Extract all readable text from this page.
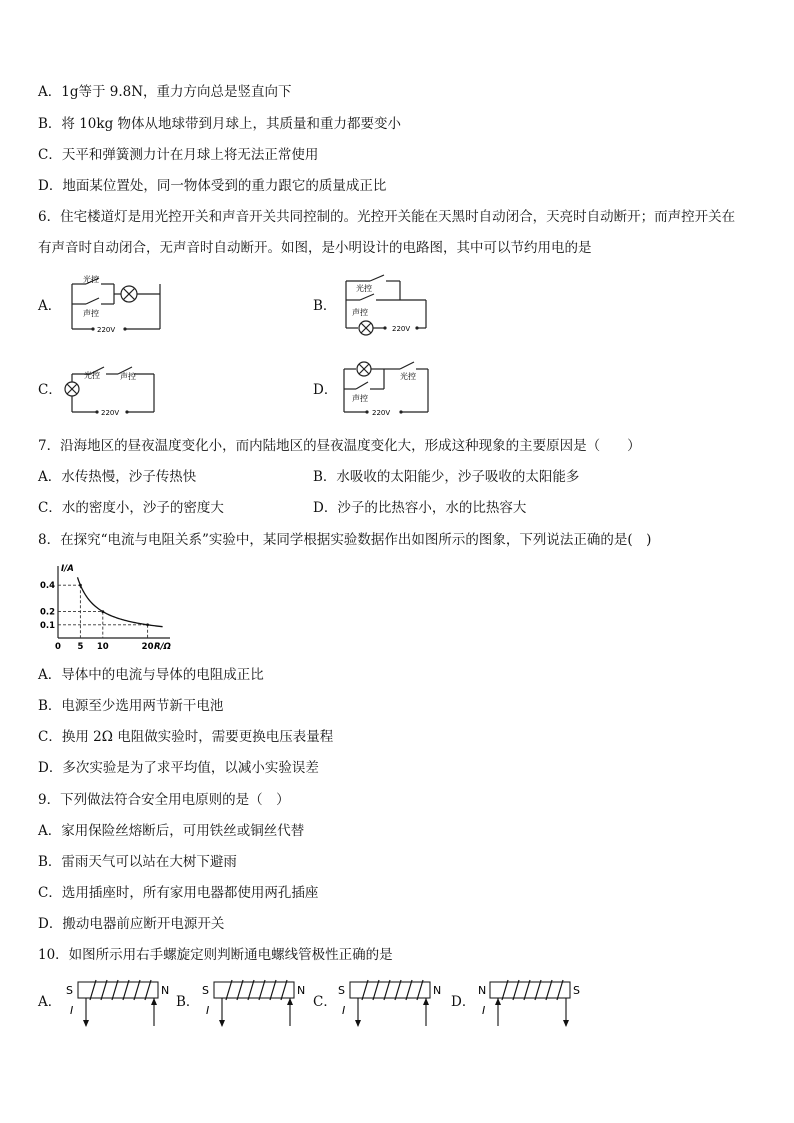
A．1g等于 9.8N，重力方向总是竖直向下
B．将 10kg 物体从地球带到月球上，其质量和重力都要变小
C．天平和弹簧测力计在月球上将无法正常使用
D．地面某位置处，同一物体受到的重力跟它的质量成正比
6．住宅楼道灯是用光控开关和声音开关共同控制的。光控开关能在天黑时自动闭合，天亮时自动断开；而声控开关在
有声音时自动闭合，无声音时自动断开。如图，是小明设计的电路图，其中可以节约用电的是
A．	B．
C．	D．
光控
声控
220V
光控
声控
220V
光控	声控
220V
光控
声控
220V
7．沿海地区的昼夜温度变化小，而内陆地区的昼夜温度变化大，形成这种现象的主要原因是（　　）
A．水传热慢，沙子传热快	B．水吸收的太阳能少，沙子吸收的太阳能多
C．水的密度小，沙子的密度大	D．沙子的比热容小，水的比热容大
8．在探究“电流与电阻关系”实验中，某同学根据实验数据作出如图所示的图象，下列说法正确的是(　)
0 5 10	20
0.1
0.2
0.4
I/A
R/Ω
A．导体中的电流与导体的电阻成正比
B．电源至少选用两节新干电池
C．换用 2Ω 电阻做实验时，需要更换电压表量程
D．多次实验是为了求平均值，以减小实验误差
9．下列做法符合安全用电原则的是（　）
A．家用保险丝熔断后，可用铁丝或铜丝代替
B．雷雨天气可以站在大树下避雨
C．选用插座时，所有家用电器都使用两孔插座
D．搬动电器前应断开电源开关
10．如图所示用右手螺旋定则判断通电螺线管极性正确的是
A．	B．	C．	D．
S	N
I
S	N
I
S	N
I
N	S
I
